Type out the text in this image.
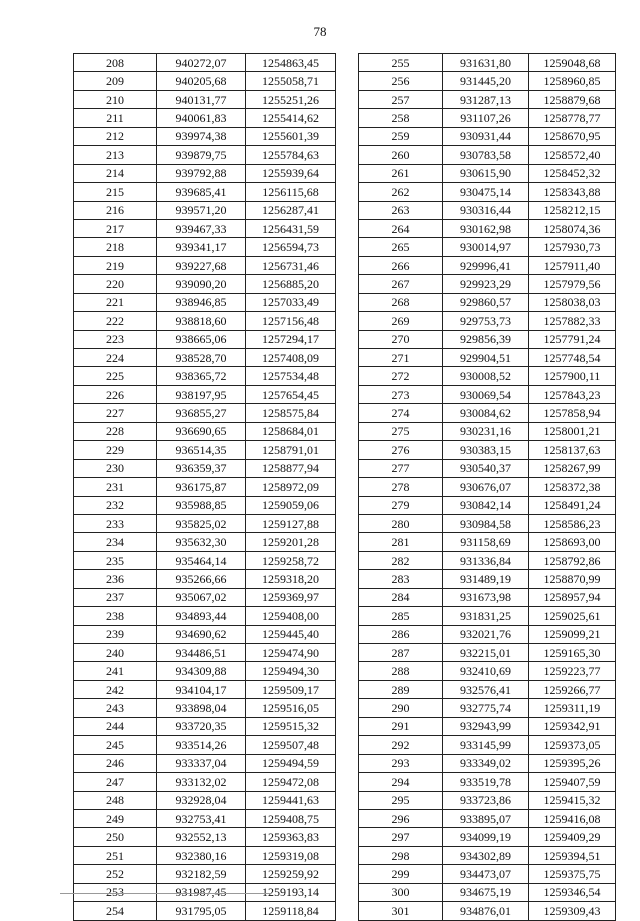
78
208	940272,07	1254863,45
209	940205,68	1255058,71
210	940131,77	1255251,26
211	940061,83	1255414,62
212	939974,38	1255601,39
213	939879,75	1255784,63
214	939792,88	1255939,64
215	939685,41	1256115,68
216	939571,20	1256287,41
217	939467,33	1256431,59
218	939341,17	1256594,73
219	939227,68	1256731,46
220	939090,20	1256885,20
221	938946,85	1257033,49
222	938818,60	1257156,48
223	938665,06	1257294,17
224	938528,70	1257408,09
225	938365,72	1257534,48
226	938197,95	1257654,45
227	936855,27	1258575,84
228	936690,65	1258684,01
229	936514,35	1258791,01
230	936359,37	1258877,94
231	936175,87	1258972,09
232	935988,85	1259059,06
233	935825,02	1259127,88
234	935632,30	1259201,28
235	935464,14	1259258,72
236	935266,66	1259318,20
237	935067,02	1259369,97
238	934893,44	1259408,00
239	934690,62	1259445,40
240	934486,51	1259474,90
241	934309,88	1259494,30
242	934104,17	1259509,17
243	933898,04	1259516,05
244	933720,35	1259515,32
245	933514,26	1259507,48
246	933337,04	1259494,59
247	933132,02	1259472,08
248	932928,04	1259441,63
249	932753,41	1259408,75
250	932552,13	1259363,83
251	932380,16	1259319,08
252	932182,59	1259259,92
253	931987,45	1259193,14
254	931795,05	1259118,84
255	931631,80	1259048,68
256	931445,20	1258960,85
257	931287,13	1258879,68
258	931107,26	1258778,77
259	930931,44	1258670,95
260	930783,58	1258572,40
261	930615,90	1258452,32
262	930475,14	1258343,88
263	930316,44	1258212,15
264	930162,98	1258074,36
265	930014,97	1257930,73
266	929996,41	1257911,40
267	929923,29	1257979,56
268	929860,57	1258038,03
269	929753,73	1257882,33
270	929856,39	1257791,24
271	929904,51	1257748,54
272	930008,52	1257900,11
273	930069,54	1257843,23
274	930084,62	1257858,94
275	930231,16	1258001,21
276	930383,15	1258137,63
277	930540,37	1258267,99
278	930676,07	1258372,38
279	930842,14	1258491,24
280	930984,58	1258586,23
281	931158,69	1258693,00
282	931336,84	1258792,86
283	931489,19	1258870,99
284	931673,98	1258957,94
285	931831,25	1259025,61
286	932021,76	1259099,21
287	932215,01	1259165,30
288	932410,69	1259223,77
289	932576,41	1259266,77
290	932775,74	1259311,19
291	932943,99	1259342,91
292	933145,99	1259373,05
293	933349,02	1259395,26
294	933519,78	1259407,59
295	933723,86	1259415,32
296	933895,07	1259416,08
297	934099,19	1259409,29
298	934302,89	1259394,51
299	934473,07	1259375,75
300	934675,19	1259346,54
301	934876,01	1259309,43
